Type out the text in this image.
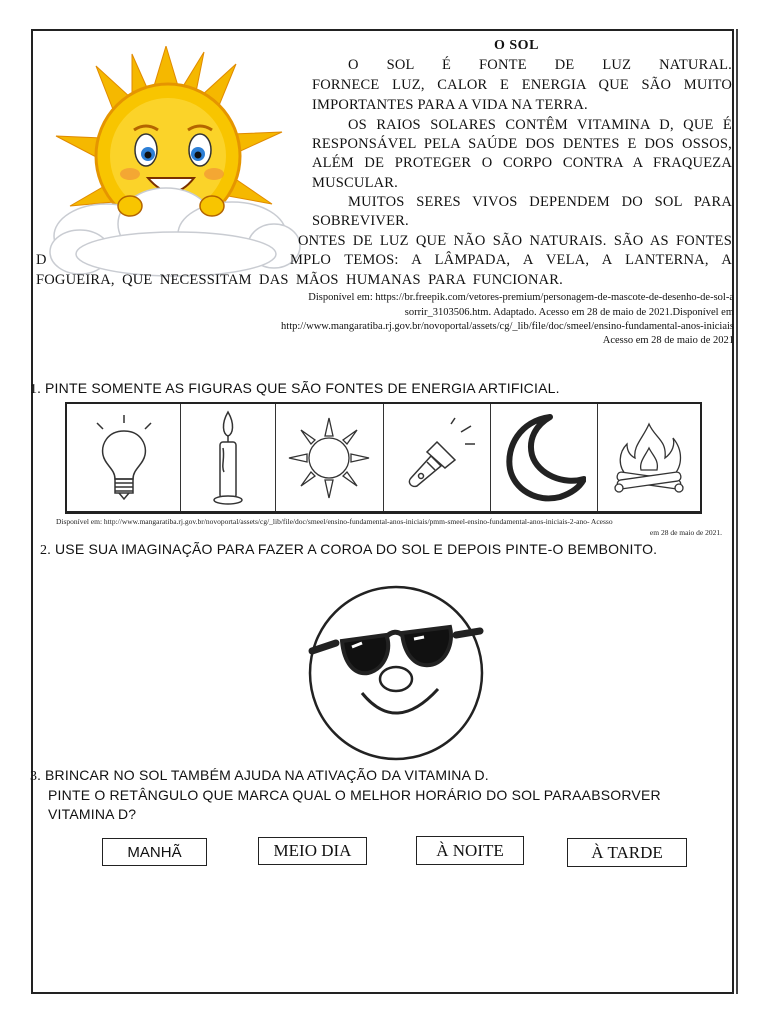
O SOL
O SOL É FONTE DE LUZ NATURAL.
FORNECE LUZ, CALOR E ENERGIA QUE SÃO MUITO
IMPORTANTES PARA A VIDA NA TERRA.
OS RAIOS SOLARES CONTÊM VITAMINA D, QUE É
RESPONSÁVEL PELA SAÚDE DOS DENTES E DOS OSSOS,
ALÉM DE PROTEGER O CORPO CONTRA A FRAQUEZA
MUSCULAR.
MUITOS SERES VIVOS DEPENDEM DO SOL PARA
SOBREVIVER.
ONTES DE LUZ QUE NÃO SÃO NATURAIS. SÃO AS FONTES
D	MPLO TEMOS: A LÂMPADA, A VELA, A LANTERNA, A
FOGUEIRA, QUE NECESSITAM DAS MÃOS HUMANAS PARA FUNCIONAR.
Disponível em: https://br.freepik.com/vetores-premium/personagem-de-mascote-de-desenho-de-sol-a
sorrir_3103506.htm. Adaptado. Acesso em 28 de maio de 2021.Disponível em
http://www.mangaratiba.rj.gov.br/novoportal/assets/cg/_lib/file/doc/smeel/ensino-fundamental-anos-iniciais
Acesso em 28 de maio de 2021
1. PINTE SOMENTE AS FIGURAS QUE SÃO FONTES DE ENERGIA ARTIFICIAL.
Disponível em: http://www.mangaratiba.rj.gov.br/novoportal/assets/cg/_lib/file/doc/smeel/ensino-fundamental-anos-iniciais/pmm-smeel-ensino-fundamental-anos-iniciais-2-ano- Acesso
em 28 de maio de 2021.
2. USE SUA IMAGINAÇÃO PARA FAZER A COROA DO SOL E DEPOIS PINTE-O BEMBONITO.
3. BRINCAR NO SOL TAMBÉM AJUDA NA ATIVAÇÃO DA VITAMINA D.
PINTE O RETÂNGULO QUE MARCA QUAL O MELHOR HORÁRIO DO SOL PARAABSORVER
VITAMINA D?
MANHÃ	MEIO DIA	À NOITE	À TARDE
